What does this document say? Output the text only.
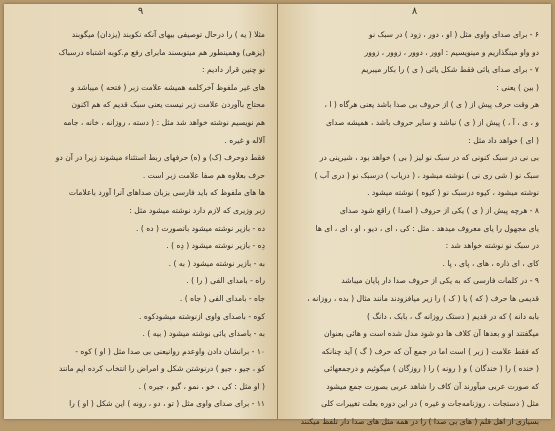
۹
مثلا ( یه ) را درحال توصیفی بیهای آنکه نکوبند (یزدان) میگوبند
(یزهی) وهمینطور هم میتوبسند مابرای رفع م.کوبه اشتباه درسباک
نو چنین قرار دادیم :
های غیر ملفوظ آخرکلمه همیشه علامت زبر ( فتحه ) میباشد و
محتاج باآوردن علامت زبر نیست یعنی سبک قدیم که هم اکنون
هم نویسیم نوشته خواهد شد مثل : ( دسته ، روزانه ، خانه ، جامه
آلاله و غیره .
فقط دوحرف (ک) و (ه) حرفهای ربط استثناء میشوند زیرا در آن دو
حرف بعلاوه هم صفا علامت زبر است .
ها های ملفوظ که باید فارسی بزبان صداهای آنرا آورد باعلامات
زبر وزیری که لازم دارد نوشته میشود مثل :
ده - بازیر نوشته میشود باتصورت ( ده ) .
دِه - بازیر نوشته میشود ( دِه ) .
به - بازیر نوشته میشود ( به ) .
راه - بامدای الفی ( را ) .
جاه - بامدای الفی ( جاه ) .
کوه - باصدای واوی ازنوشته میشودکوه .
به - باصدای یائی نوشته میشود ( بیه ) .
۱۰ - برانشان دادن واوعدم روانیعنی بی صدا مثل ( او ) کوه -
کو ، جیو ، جیو ) درنوشتن شکل و امراض را انتخاب کرده ایم مانند
( او مثل : کی ، خو ، نمو ، گیو ، جیره ) .
۱۱ - برای صدای واوی مثل ( تو ، دو ، رونه ) این شکل ( او ) را
۸
۶ - برای صدای واوی مثل ( او ، دور ، زود ) در سبک نو
دو واو مینگذاریم و مینویسیم : اوور ، دوور ، زوور ، زوور
۷ - برای صدای یائی فقط شکل یائی ( ی ) را بکار میبریم
( بین ) یعنی :
هر وقت حرف پیش از ( ی ) از حروف بی صدا باشد یعنی هرگاه ( ا ،
و ، ی ، آ ، ) پیش از ( ی ) نباشد و سایر حروف باشد ، همیشه صدای
( ای ) خواهد داد مثل :
بی نی در سبک کنونی که در سبک نو لیز ( بی ) خواهد بود ، شیرینی در
سبک نو ( شی ری نی ) نوشته میشود ، ( دریاب ) درسبک نو ( دری آب )
نوشته میشود ، کیوه درسبک نو ( کیوه ) نوشته میشود .
۸ - هرچه پیش از ( ی ) یکی از حروف ( اصدا ) راقع شود صدای
یای مجهول را یای معروف میدهد . مثل : کی ، ای ، دیو ، او ، ای ، ای ها
در سبک نو نوشته خواهد شد :
کای ، ای ذاره ، های ، پای ، پا .
۹ - در کلمات فارسی که به یکی از حروف صدا دار پایان میباشد
قدیمی ها حرف ( که ) یا ( ک ) را زیر میافزودند مانند مثال ( بده ، روزانه ،
بابه دانه ) که در قدیم ( دستک روزانه گ ، بابک ، دانگ )
میگفتند او و بعدها آن کلاف ها دو شود مدل شده است و هائی بعنوان
که فقط علامت ( زبر ) است اما در جمع آن که حرف ( گ ) آید چنانکه
( خنده ) را ( خندگان ) و ( رونه ) را ( روزگان ) میگوئیم و درجمعهائی
که صورت عربی میآورند آن کاف را شاهد عربی بصورت جمع میشود
مثل ( دستجات ، روزنامه‌جات و غیره ) در این دوره بعلت تغییرات کلی
بسیاری از اهل قلم ( های بی صدا ) را در همه مثل های صدا دار تلفظ میکنند
